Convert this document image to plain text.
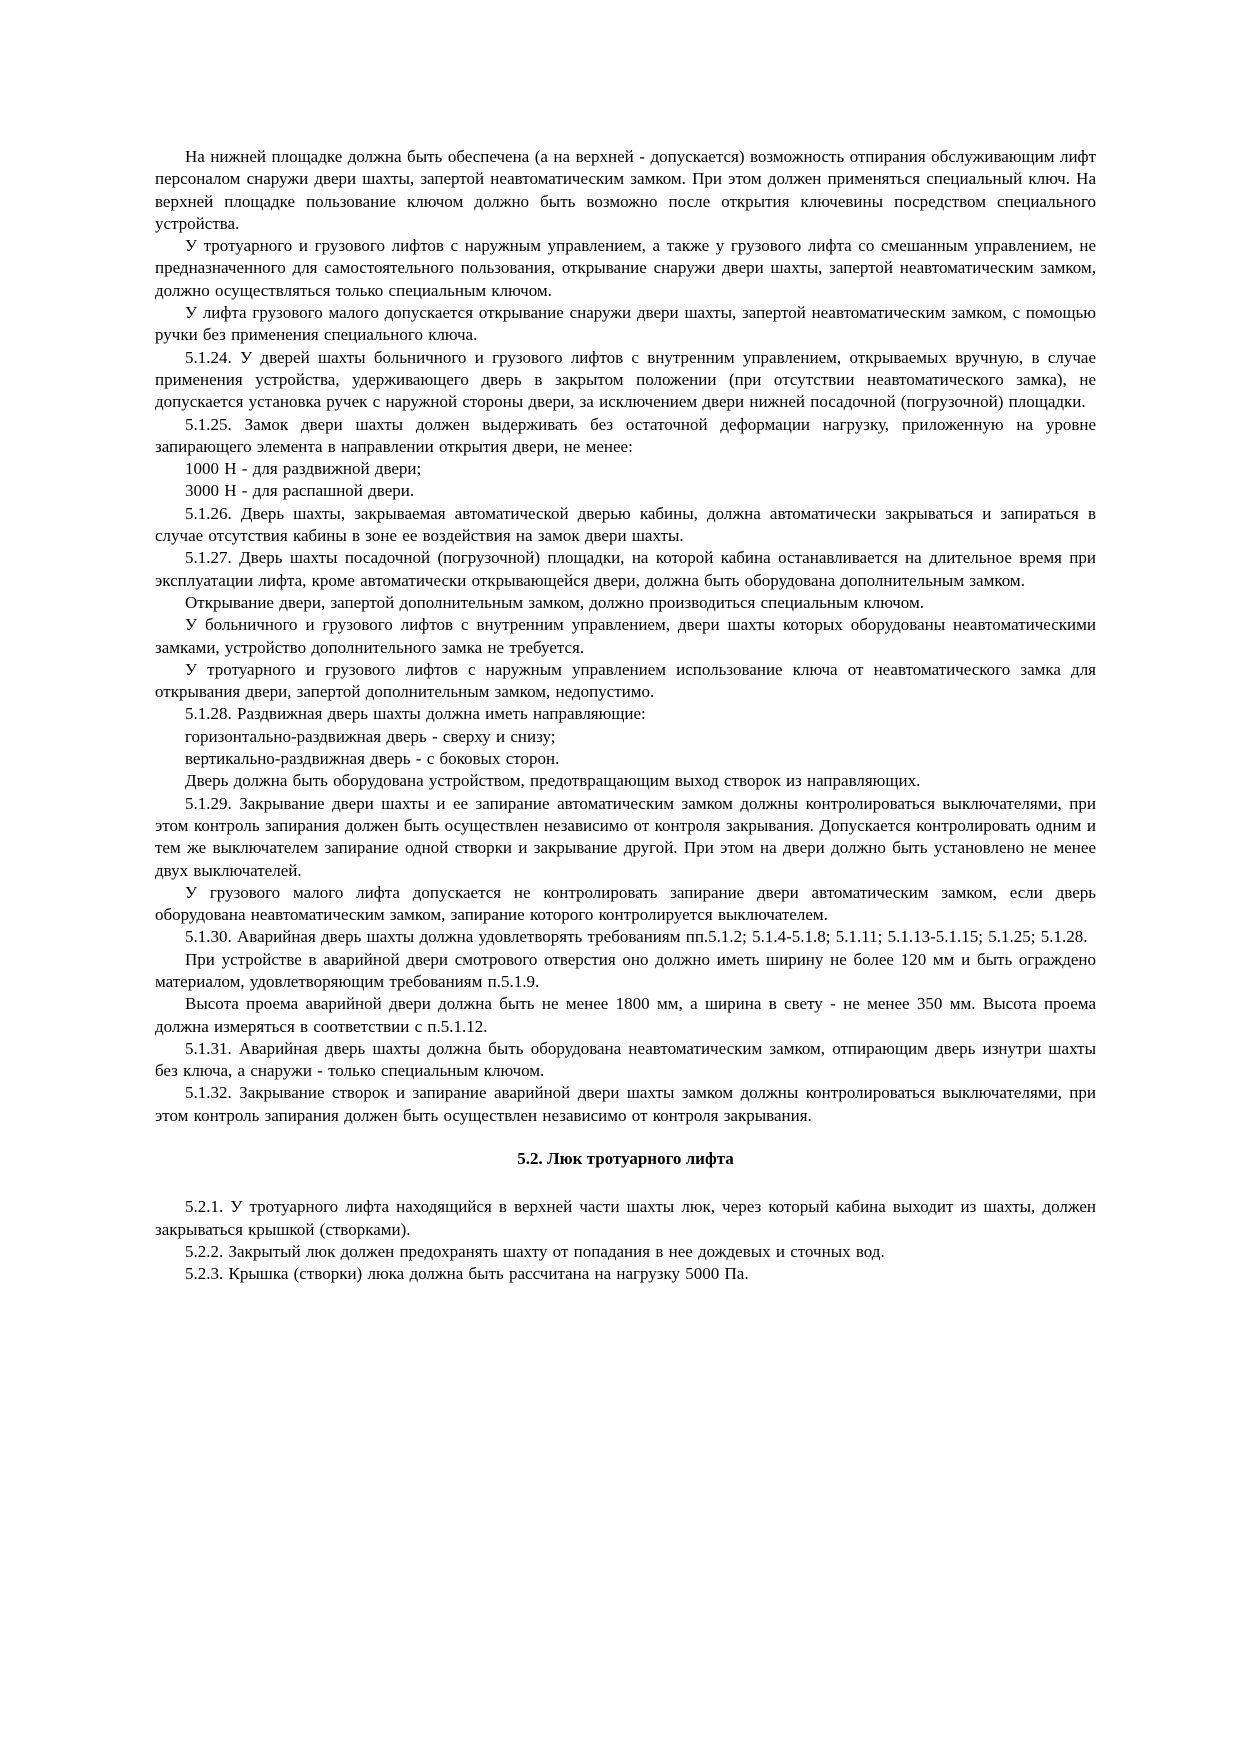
На нижней площадке должна быть обеспечена (а на верхней - допускается) возможность отпирания обслуживающим лифт персоналом снаружи двери шахты, запертой неавтоматическим замком. При этом должен применяться специальный ключ. На верхней площадке пользование ключом должно быть возможно после открытия ключевины посредством специального устройства.

У тротуарного и грузового лифтов с наружным управлением, а также у грузового лифта со смешанным управлением, не предназначенного для самостоятельного пользования, открывание снаружи двери шахты, запертой неавтоматическим замком, должно осуществляться только специальным ключом.

У лифта грузового малого допускается открывание снаружи двери шахты, запертой неавтоматическим замком, с помощью ручки без применения специального ключа.

5.1.24. У дверей шахты больничного и грузового лифтов с внутренним управлением, открываемых вручную, в случае применения устройства, удерживающего дверь в закрытом положении (при отсутствии неавтоматического замка), не допускается установка ручек с наружной стороны двери, за исключением двери нижней посадочной (погрузочной) площадки.

5.1.25. Замок двери шахты должен выдерживать без остаточной деформации нагрузку, приложенную на уровне запирающего элемента в направлении открытия двери, не менее:

1000 Н - для раздвижной двери;

3000 Н - для распашной двери.

5.1.26. Дверь шахты, закрываемая автоматической дверью кабины, должна автоматически закрываться и запираться в случае отсутствия кабины в зоне ее воздействия на замок двери шахты.

5.1.27. Дверь шахты посадочной (погрузочной) площадки, на которой кабина останавливается на длительное время при эксплуатации лифта, кроме автоматически открывающейся двери, должна быть оборудована дополнительным замком.

Открывание двери, запертой дополнительным замком, должно производиться специальным ключом.

У больничного и грузового лифтов с внутренним управлением, двери шахты которых оборудованы неавтоматическими замками, устройство дополнительного замка не требуется.

У тротуарного и грузового лифтов с наружным управлением использование ключа от неавтоматического замка для открывания двери, запертой дополнительным замком, недопустимо.

5.1.28. Раздвижная дверь шахты должна иметь направляющие:

горизонтально-раздвижная дверь - сверху и снизу;

вертикально-раздвижная дверь - с боковых сторон.

Дверь должна быть оборудована устройством, предотвращающим выход створок из направляющих.

5.1.29. Закрывание двери шахты и ее запирание автоматическим замком должны контролироваться выключателями, при этом контроль запирания должен быть осуществлен независимо от контроля закрывания. Допускается контролировать одним и тем же выключателем запирание одной створки и закрывание другой. При этом на двери должно быть установлено не менее двух выключателей.

У грузового малого лифта допускается не контролировать запирание двери автоматическим замком, если дверь оборудована неавтоматическим замком, запирание которого контролируется выключателем.

5.1.30. Аварийная дверь шахты должна удовлетворять требованиям пп.5.1.2; 5.1.4-5.1.8; 5.1.11; 5.1.13-5.1.15; 5.1.25; 5.1.28.

При устройстве в аварийной двери смотрового отверстия оно должно иметь ширину не более 120 мм и быть ограждено материалом, удовлетворяющим требованиям п.5.1.9.

Высота проема аварийной двери должна быть не менее 1800 мм, а ширина в свету - не менее 350 мм. Высота проема должна измеряться в соответствии с п.5.1.12.

5.1.31. Аварийная дверь шахты должна быть оборудована неавтоматическим замком, отпирающим дверь изнутри шахты без ключа, а снаружи - только специальным ключом.

5.1.32. Закрывание створок и запирание аварийной двери шахты замком должны контролироваться выключателями, при этом контроль запирания должен быть осуществлен независимо от контроля закрывания.

5.2. Люк тротуарного лифта

5.2.1. У тротуарного лифта находящийся в верхней части шахты люк, через который кабина выходит из шахты, должен закрываться крышкой (створками).

5.2.2. Закрытый люк должен предохранять шахту от попадания в нее дождевых и сточных вод.

5.2.3. Крышка (створки) люка должна быть рассчитана на нагрузку 5000 Па.
